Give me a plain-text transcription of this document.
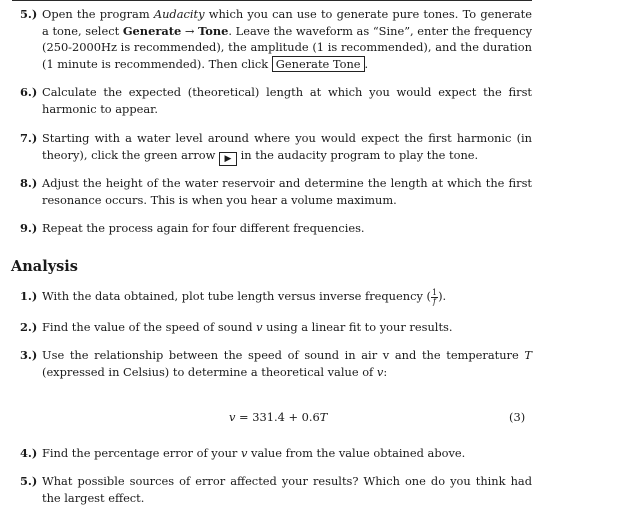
5.) Open the program Audacity which you can use to generate pure tones. To generate a tone, select Generate → Tone. Leave the waveform as “Sine”, enter the frequency (250-2000Hz is recommended), the amplitude (1 is recommended), and the duration (1 minute is recommended). Then click Generate Tone .
6.) Calculate the expected (theoretical) length at which you would expect the first harmonic to appear.
7.) Starting with a water level around where you would expect the first harmonic (in theory), click the green arrow ▶ in the audacity program to play the tone.
8.) Adjust the height of the water reservoir and determine the length at which the first resonance occurs. This is when you hear a volume maximum.
9.) Repeat the process again for four different frequencies.
Analysis
1.) With the data obtained, plot tube length versus inverse frequency ( $\frac{1}{f}$ ).
2.) Find the value of the speed of sound v using a linear fit to your results.
3.) Use the relationship between the speed of sound in air v and the temperature T (expressed in Celsius) to determine a theoretical value of v:
v = 331.4 + 0.6T	(3)
4.) Find the percentage error of your v value from the value obtained above.
5.) What possible sources of error affected your results? Which one do you think had the largest effect.
